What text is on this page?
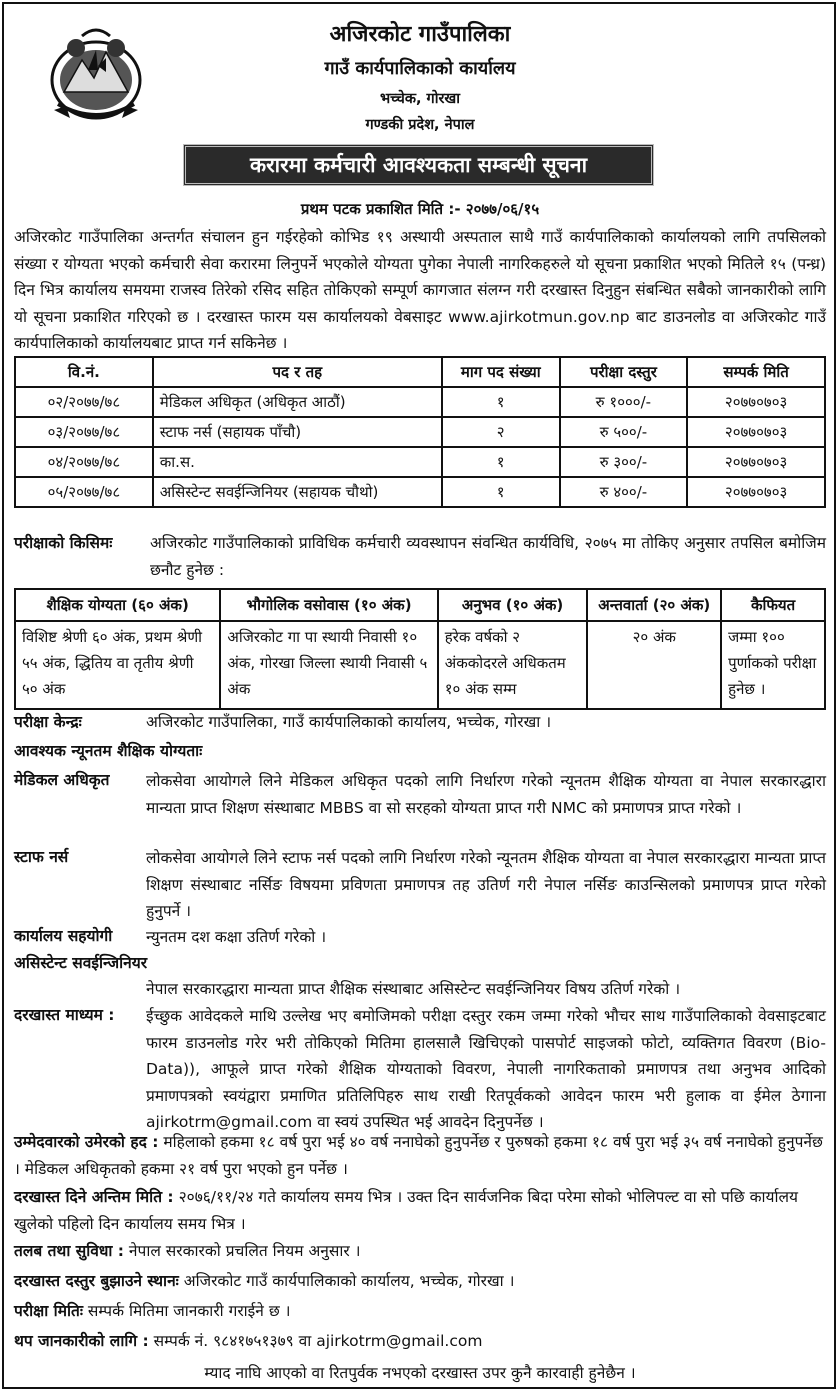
अजिरकोट गाउँपालिका
गाउँ कार्यपालिकाको कार्यालय
भच्चेक, गोरखा
गण्डकी प्रदेश, नेपाल
करारमा कर्मचारी आवश्यकता सम्बन्धी सूचना
प्रथम पटक प्रकाशित मिति :- २०७७/०६/१५
अजिरकोट गाउँपालिका अन्तर्गत संचालन हुन गईरहेको कोभिड १९ अस्थायी अस्पताल साथै गाउँ कार्यपालिकाको कार्यालयको लागि तपसिलको संख्या र योग्यता भएको कर्मचारी सेवा करारमा लिनुपर्ने भएकोले योग्यता पुगेका नेपाली नागरिकहरुले यो सूचना प्रकाशित भएको मितिले १५ (पन्ध्र) दिन भित्र कार्यालय समयमा राजस्व तिरेको रसिद सहित तोकिएको सम्पूर्ण कागजात संलग्न गरी दरखास्त दिनुहुन संबन्धित सबैको जानकारीको लागि यो सूचना प्रकाशित गरिएको छ । दरखास्त फारम यस कार्यालयको वेबसाइट www.ajirkotmun.gov.np बाट डाउनलोड वा अजिरकोट गाउँ कार्यपालिकाको कार्यालयबाट प्राप्त गर्न सकिनेछ ।
वि.नं.	पद र तह	माग पद संख्या	परीक्षा दस्तुर	सम्पर्क मिति
०२/२०७७/७८	मेडिकल अधिकृत (अधिकृत आठौं)	१	रु १०००/-	२०७७०७०३
०३/२०७७/७८	स्टाफ नर्स (सहायक पाँचौ)	२	रु ५००/-	२०७७०७०३
०४/२०७७/७८	का.स.	१	रु ३००/-	२०७७०७०३
०५/२०७७/७८	असिस्टेन्ट सवईन्जिनियर (सहायक चौथो)	१	रु ४००/-	२०७७०७०३
परीक्षाको किसिमः	अजिरकोट गाउँपालिकाको प्राविधिक कर्मचारी व्यवस्थापन संवन्धित कार्यविधि, २०७५ मा तोकिए अनुसार तपसिल बमोजिम छनौट हुनेछ :
शैक्षिक योग्यता (६० अंक)	भौगोलिक वसोवास (१० अंक)	अनुभव (१० अंक)	अन्तवार्ता (२० अंक)	कैफियत
विशिष्ट श्रेणी ६० अंक, प्रथम श्रेणी ५५ अंक, द्धितिय वा तृतीय श्रेणी ५० अंक	अजिरकोट गा पा स्थायी निवासी १० अंक, गोरखा जिल्ला स्थायी निवासी ५ अंक	हरेक वर्षको २ अंककोदरले अधिकतम १० अंक सम्म	२० अंक	जम्मा १०० पुर्णाकको परीक्षा हुनेछ ।
परीक्षा केन्द्रः	अजिरकोट गाउँपालिका, गाउँ कार्यपालिकाको कार्यालय, भच्चेक, गोरखा ।
आवश्यक न्यूनतम शैक्षिक योग्यताः
मेडिकल अधिकृत लोकसेवा आयोगले लिने मेडिकल अधिकृत पदको लागि निर्धारण गरेको न्यूनतम शैक्षिक योग्यता वा नेपाल सरकारद्धारा मान्यता प्राप्त शिक्षण संस्थाबाट MBBS वा सो सरहको योग्यता प्राप्त गरी NMC को प्रमाणपत्र प्राप्त गरेको ।
स्टाफ नर्स	लोकसेवा आयोगले लिने स्टाफ नर्स पदको लागि निर्धारण गरेको न्यूनतम शैक्षिक योग्यता वा नेपाल सरकारद्धारा मान्यता प्राप्त शिक्षण संस्थाबाट नर्सिङ विषयमा प्रविणता प्रमाणपत्र तह उतिर्ण गरी नेपाल नर्सिङ काउन्सिलको प्रमाणपत्र प्राप्त गरेको हुनुपर्ने ।
कार्यालय सहयोगी न्युनतम दश कक्षा उतिर्ण गरेको ।
असिस्टेन्ट सवईन्जिनियर
नेपाल सरकारद्धारा मान्यता प्राप्त शैक्षिक संस्थाबाट असिस्टेन्ट सवईन्जिनियर विषय उतिर्ण गरेको ।
दरखास्त माध्यम : ईच्छुक आवेदकले माथि उल्लेख भए बमोजिमको परीक्षा दस्तुर रकम जम्मा गरेको भौचर साथ गाउँपालिकाको वेवसाइटबाट फारम डाउनलोड गरेर भरी तोकिएको मितिमा हालसालै खिचिएको पासपोर्ट साइजको फोटो, व्यक्तिगत विवरण (Bio-Data)), आफूले प्राप्त गरेको शैक्षिक योग्यताको विवरण, नेपाली नागरिकताको प्रमाणपत्र तथा अनुभव आदिको प्रमाणपत्रको स्वयंद्वारा प्रमाणित प्रतिलिपिहरु साथ राखी रितपूर्वकको आवेदन फारम भरी हुलाक वा ईमेल ठेगाना ajirkotrm@gmail.com वा स्वयं उपस्थित भई आवदेन दिनुपर्नेछ ।
उम्मेदवारको उमेरको हद : महिलाको हकमा १८ वर्ष पुरा भई ४० वर्ष ननाघेको हुनुपर्नेछ र पुरुषको हकमा १८ वर्ष पुरा भई ३५ वर्ष ननाघेको हुनुपर्नेछ । मेडिकल अधिकृतको हकमा २१ वर्ष पुरा भएको हुन पर्नेछ ।
दरखास्त दिने अन्तिम मिति : २०७६/११/२४ गते कार्यालय समय भित्र । उक्त दिन सार्वजनिक बिदा परेमा सोको भोलिपल्ट वा सो पछि कार्यालय खुलेको पहिलो दिन कार्यालय समय भित्र ।
तलब तथा सुविधा : नेपाल सरकारको प्रचलित नियम अनुसार ।
दरखास्त दस्तुर बुझाउने स्थानः अजिरकोट गाउँ कार्यपालिकाको कार्यालय, भच्चेक, गोरखा ।
परीक्षा मितिः सम्पर्क मितिमा जानकारी गराईने छ ।
थप जानकारीको लागि : सम्पर्क नं. ९८४१७५१३७९ वा ajirkotrm@gmail.com
म्याद नाघि आएको वा रितपुर्वक नभएको दरखास्त उपर कुनै कारवाही हुनेछैन ।
